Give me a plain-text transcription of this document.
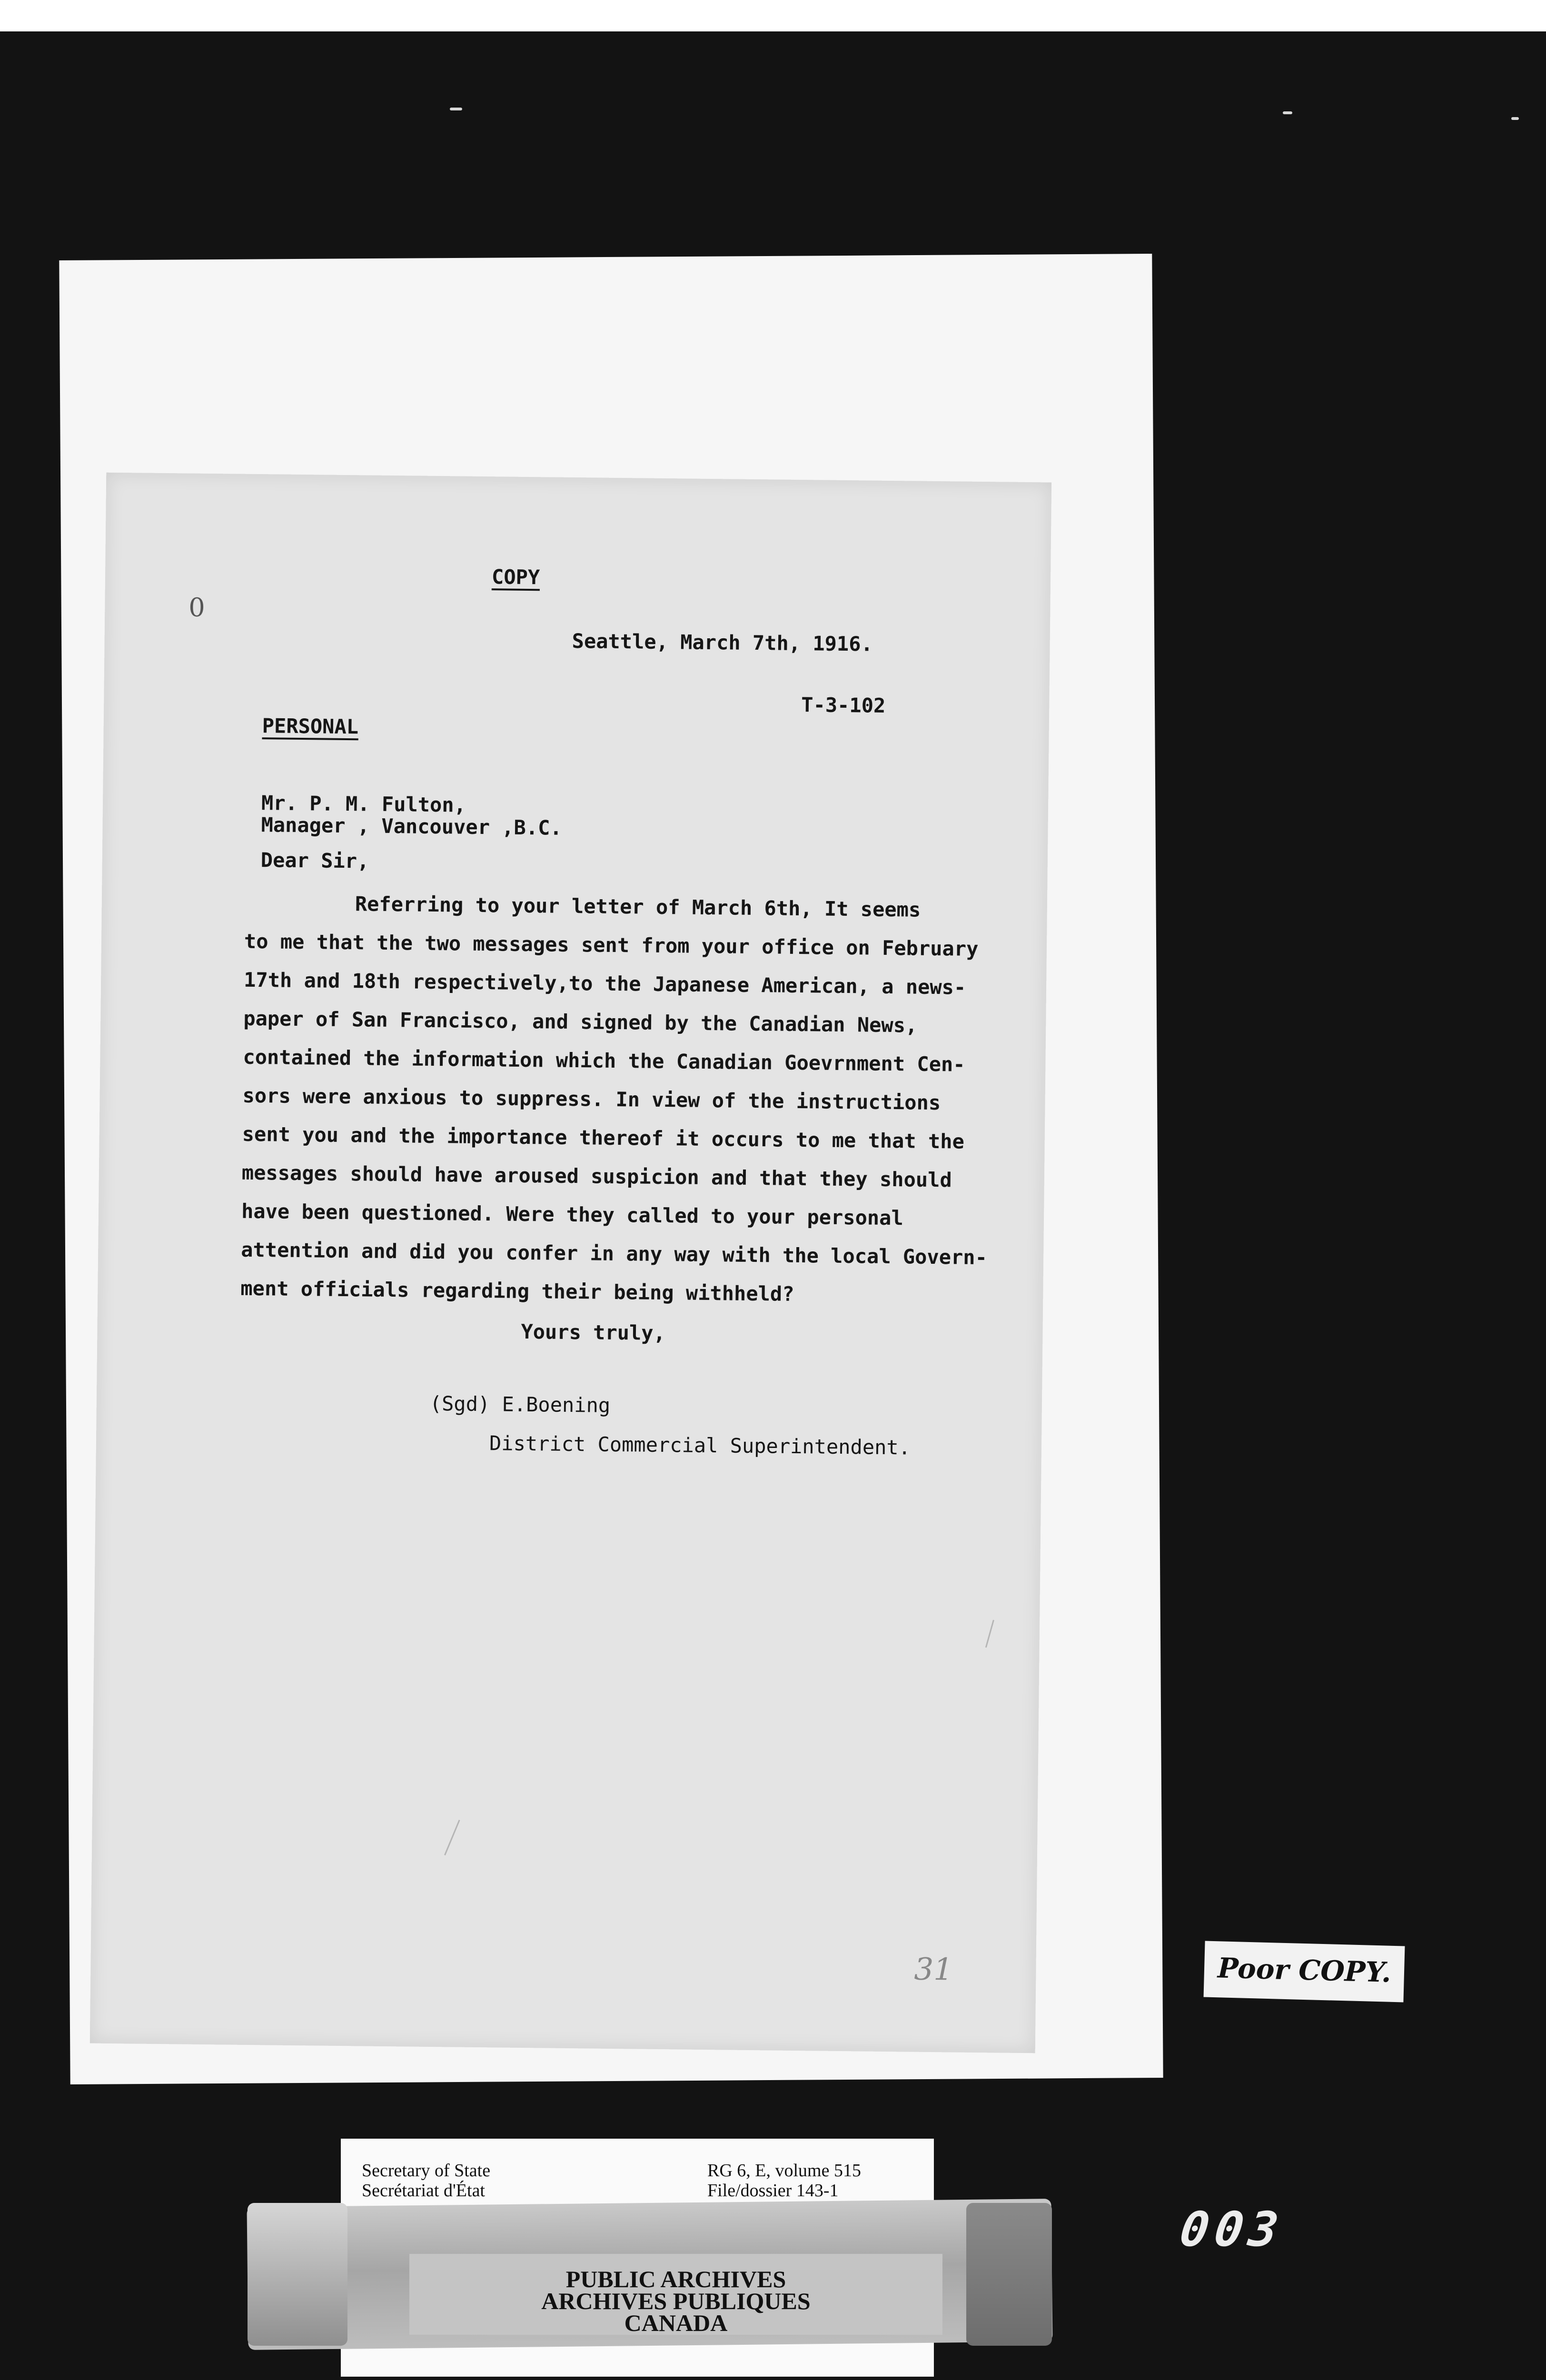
0
COPY
Seattle, March 7th, 1916.
T-3-102
PERSONAL
Mr. P. M. Fulton,
Manager , Vancouver ,B.C.
Dear Sir,
Referring to your letter of March 6th, It seems
to me that the two messages sent from your office on February
17th and 18th respectively,to the Japanese American, a news-
paper of San Francisco, and signed by the Canadian News,
contained the information which the Canadian Goevrnment Cen-
sors were anxious to suppress. In view of the instructions
sent you and the importance thereof it occurs to me that the
messages should have aroused suspicion and that they should
have been questioned. Were they called to your personal
attention and did you confer in any way with the local Govern-
ment officials regarding their being withheld?
Yours truly,
(Sgd) E.Boening
District Commercial Superintendent.
31	Poor COPY.
003
Secretary of State
Secrétariat d'État
RG 6, E, volume 515
File/dossier 143-1
PUBLIC ARCHIVES
ARCHIVES PUBLIQUES
CANADA
